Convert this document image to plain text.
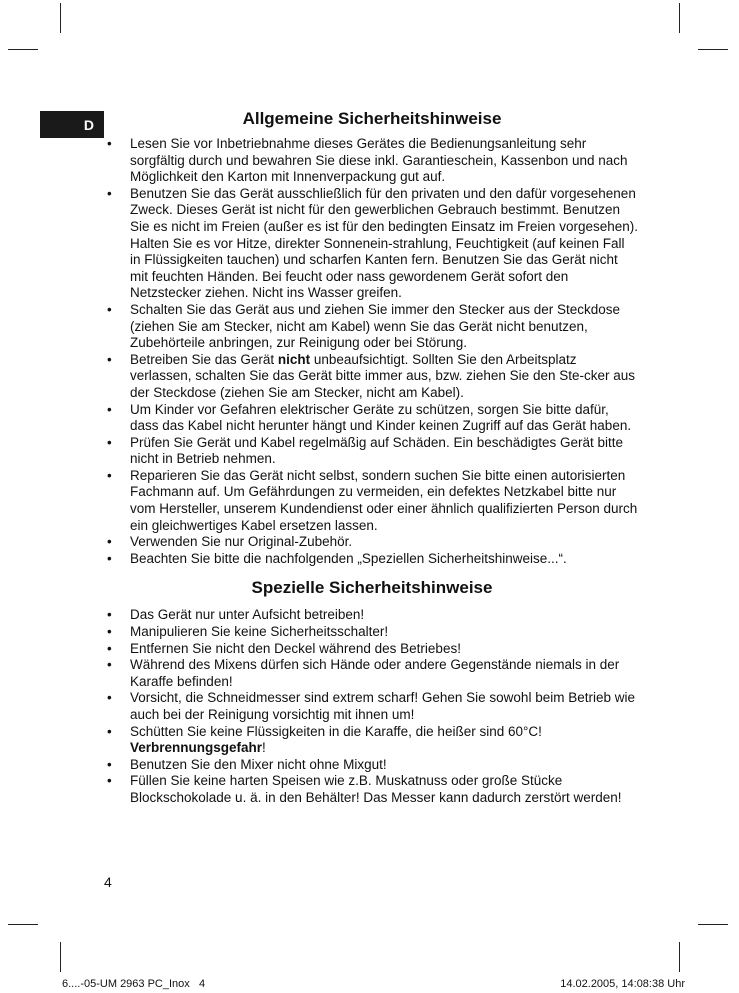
D	Allgemeine Sicherheitshinweise
• Lesen Sie vor Inbetriebnahme dieses Gerätes die Bedienungsanleitung sehr sorgfältig durch und bewahren Sie diese inkl. Garantieschein, Kassenbon und nach Möglichkeit den Karton mit Innenverpackung gut auf.
• Benutzen Sie das Gerät ausschließlich für den privaten und den dafür vorgesehenen Zweck. Dieses Gerät ist nicht für den gewerblichen Gebrauch bestimmt. Benutzen Sie es nicht im Freien (außer es ist für den bedingten Einsatz im Freien vorgesehen). Halten Sie es vor Hitze, direkter Sonnenein-strahlung, Feuchtigkeit (auf keinen Fall in Flüssigkeiten tauchen) und scharfen Kanten fern. Benutzen Sie das Gerät nicht mit feuchten Händen. Bei feucht oder nass gewordenem Gerät sofort den Netzstecker ziehen. Nicht ins Wasser greifen.
• Schalten Sie das Gerät aus und ziehen Sie immer den Stecker aus der Steckdose (ziehen Sie am Stecker, nicht am Kabel) wenn Sie das Gerät nicht benutzen, Zubehörteile anbringen, zur Reinigung oder bei Störung.
• Betreiben Sie das Gerät nicht unbeaufsichtigt. Sollten Sie den Arbeitsplatz verlassen, schalten Sie das Gerät bitte immer aus, bzw. ziehen Sie den Ste-cker aus der Steckdose (ziehen Sie am Stecker, nicht am Kabel).
• Um Kinder vor Gefahren elektrischer Geräte zu schützen, sorgen Sie bitte dafür, dass das Kabel nicht herunter hängt und Kinder keinen Zugriff auf das Gerät haben.
• Prüfen Sie Gerät und Kabel regelmäßig auf Schäden. Ein beschädigtes Gerät bitte nicht in Betrieb nehmen.
• Reparieren Sie das Gerät nicht selbst, sondern suchen Sie bitte einen autorisierten Fachmann auf. Um Gefährdungen zu vermeiden, ein defektes Netzkabel bitte nur vom Hersteller, unserem Kundendienst oder einer ähnlich qualifizierten Person durch ein gleichwertiges Kabel ersetzen lassen.
• Verwenden Sie nur Original-Zubehör.
• Beachten Sie bitte die nachfolgenden „Speziellen Sicherheitshinweise...“.
Spezielle Sicherheitshinweise
• Das Gerät nur unter Aufsicht betreiben!
• Manipulieren Sie keine Sicherheitsschalter!
• Entfernen Sie nicht den Deckel während des Betriebes!
• Während des Mixens dürfen sich Hände oder andere Gegenstände niemals in der Karaffe befinden!
• Vorsicht, die Schneidmesser sind extrem scharf! Gehen Sie sowohl beim Betrieb wie auch bei der Reinigung vorsichtig mit ihnen um!
• Schütten Sie keine Flüssigkeiten in die Karaffe, die heißer sind 60°C! Verbrennungsgefahr!
• Benutzen Sie den Mixer nicht ohne Mixgut!
• Füllen Sie keine harten Speisen wie z.B. Muskatnuss oder große Stücke Blockschokolade u. ä. in den Behälter! Das Messer kann dadurch zerstört werden!
4
6....-05-UM 2963 PC_Inox   4	14.02.2005, 14:08:38 Uhr
